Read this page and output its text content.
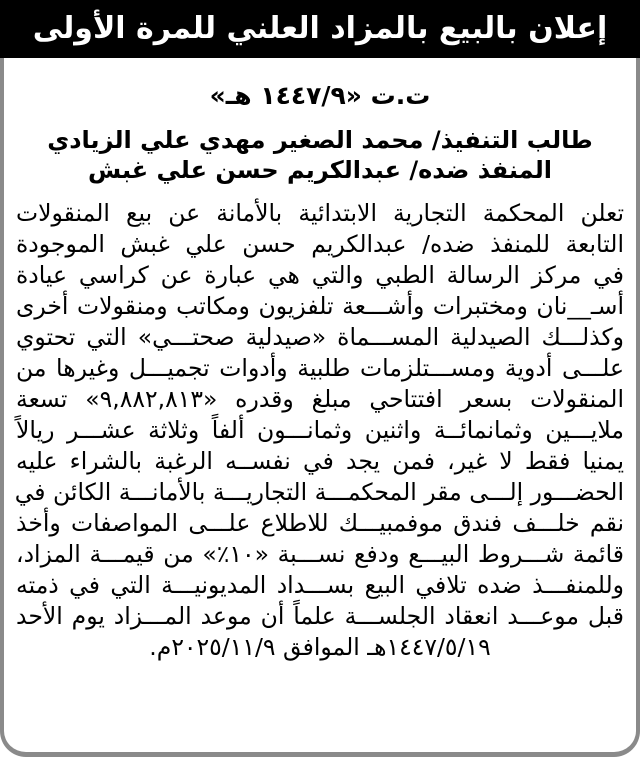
إعلان بالبيع بالمزاد العلني للمرة الأولى
ت.ت «١٤٤٧/٩ هـ»
طالب التنفيذ/ محمد الصغير مهدي علي الزيادي
المنفذ ضده/ عبدالكريم حسن علي غبش
تعلن المحكمة التجارية الابتدائية بالأمانة عن بيع المنقولات
التابعة للمنفذ ضده/ عبدالكريم حسن علي غبش الموجودة
في مركز الرسالة الطبي والتي هي عبارة عن كراسي عيادة
أسـ__نان ومختبرات وأشـــعة تلفزيون ومكاتب ومنقولات أخرى
وكذلـــك الصيدلية المســـماة «صيدلية صحتـــي» التي تحتوي
علـــى أدوية ومســـتلزمات طلبية وأدوات تجميـــل وغيرها من
المنقولات بسعر افتتاحي مبلغ وقدره «٩,٨٨٢,٨١٣» تسعة
ملايـــين وثمانمائــة واثنين وثمانـــون ألفاً وثلاثة عشـــر ريالاً
يمنيا فقط لا غير، فمن يجد في نفســه الرغبة بالشراء عليه
الحضـــور إلـــى مقر المحكمـــة التجاريـــة بالأمانـــة الكائن في
نقم خلـــف فندق موفمبيـــك للاطلاع علـــى المواصفات وأخذ
قائمة شـــروط البيـــع ودفع نســـبة «١٠٪» من قيمـــة المزاد،
وللمنفـــذ ضده تلافي البيع بســـداد المديونيـــة التي في ذمته
قبل موعـــد انعقاد الجلســـة علماً أن موعد المـــزاد يوم الأحد
١٤٤٧/٥/١٩هـ الموافق ٢٠٢٥/١١/٩م.
